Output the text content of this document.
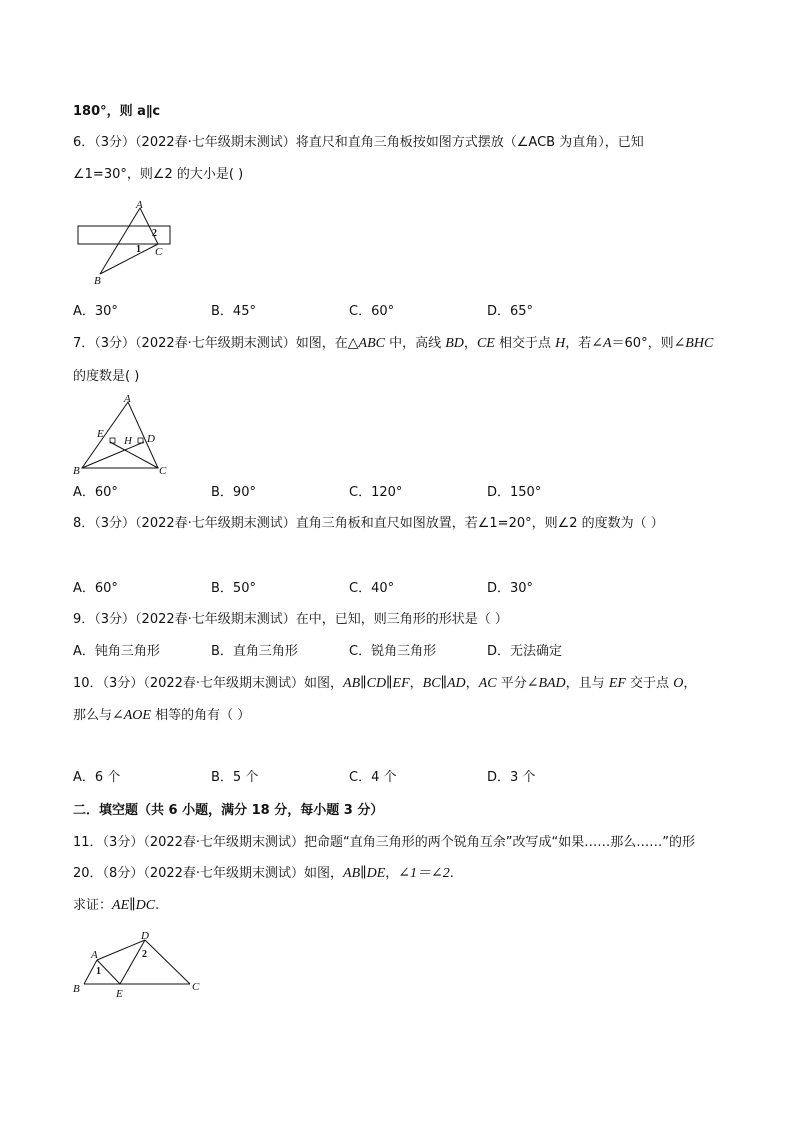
180°，则 a∥c
6．（3分）（2022春·七年级期末测试）将直尺和直角三角板按如图方式摆放（∠ACB 为直角），已知
∠1=30°，则∠2 的大小是( )
A
B
C
1
2
A．30°	B．45°	C．60°	D．65°
7．（3分）（2022春·七年级期末测试）如图，在△ABC 中，高线 BD，CE 相交于点 H，若∠A＝60°，则∠BHC
的度数是( )
A
B	C
D
E
H
A．60°	B．90°	C．120°	D．150°
8．（3分）（2022春·七年级期末测试）直角三角板和直尺如图放置，若∠1=20°，则∠2 的度数为（ ）
A．60°	B．50°	C．40°	D．30°
9．（3分）（2022春·七年级期末测试）在中，已知，则三角形的形状是（ ）
A．钝角三角形	B．直角三角形	C．锐角三角形	D．无法确定
10．（3分）（2022春·七年级期末测试）如图，AB∥CD∥EF，BC∥AD，AC 平分∠BAD，且与 EF 交于点 O，
那么与∠AOE 相等的角有（ ）
A．6 个	B．5 个	C．4 个	D．3 个
二．填空题（共 6 小题，满分 18 分，每小题 3 分）
11．（3分）（2022春·七年级期末测试）把命题“直角三角形的两个锐角互余”改写成“如果……那么……”的形
20．（8分）（2022春·七年级期末测试）如图，AB∥DE，∠1＝∠2.
求证：AE∥DC.
A
B	C
D
E
1
2
